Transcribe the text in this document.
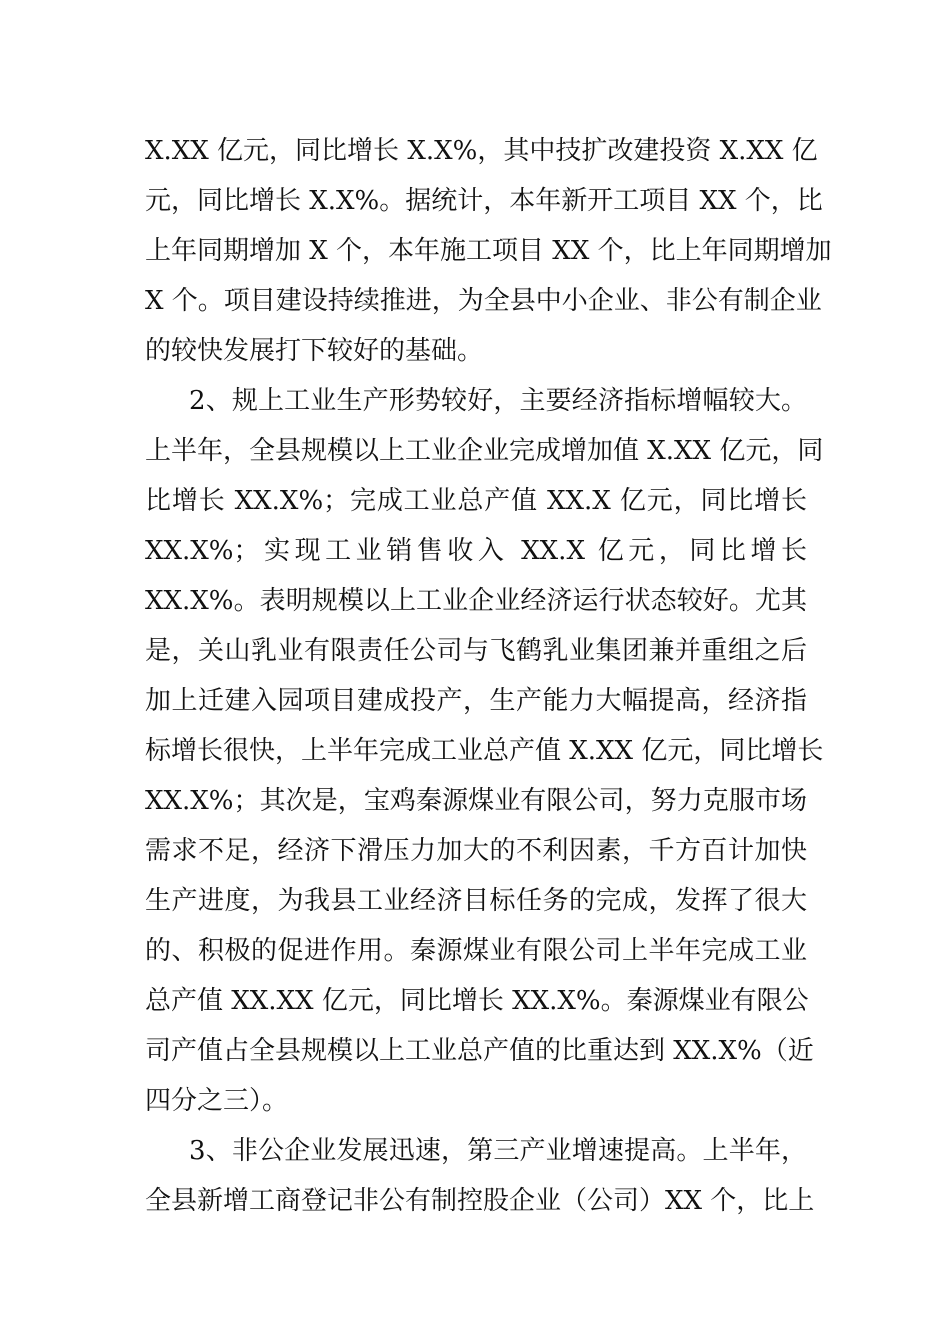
X.XX 亿元，同比增长 X.X%，其中技扩改建投资 X.XX 亿
元，同比增长 X.X%。据统计，本年新开工项目 XX 个，比
上年同期增加 X 个，本年施工项目 XX 个，比上年同期增加
X 个。项目建设持续推进，为全县中小企业、非公有制企业
的较快发展打下较好的基础。
2、规上工业生产形势较好，主要经济指标增幅较大。
上半年，全县规模以上工业企业完成增加值 X.XX 亿元，同
比增长 XX.X%；完成工业总产值 XX.X 亿元，同比增长
XX.X%；实现工业销售收入 XX.X 亿元，同比增长
XX.X%。表明规模以上工业企业经济运行状态较好。尤其
是，关山乳业有限责任公司与飞鹤乳业集团兼并重组之后
加上迁建入园项目建成投产，生产能力大幅提高，经济指
标增长很快，上半年完成工业总产值 X.XX 亿元，同比增长
XX.X%；其次是，宝鸡秦源煤业有限公司，努力克服市场
需求不足，经济下滑压力加大的不利因素，千方百计加快
生产进度，为我县工业经济目标任务的完成，发挥了很大
的、积极的促进作用。秦源煤业有限公司上半年完成工业
总产值 XX.XX 亿元，同比增长 XX.X%。秦源煤业有限公
司产值占全县规模以上工业总产值的比重达到 XX.X%（近
四分之三）。
3、非公企业发展迅速，第三产业增速提高。上半年，
全县新增工商登记非公有制控股企业（公司）XX 个，比上
